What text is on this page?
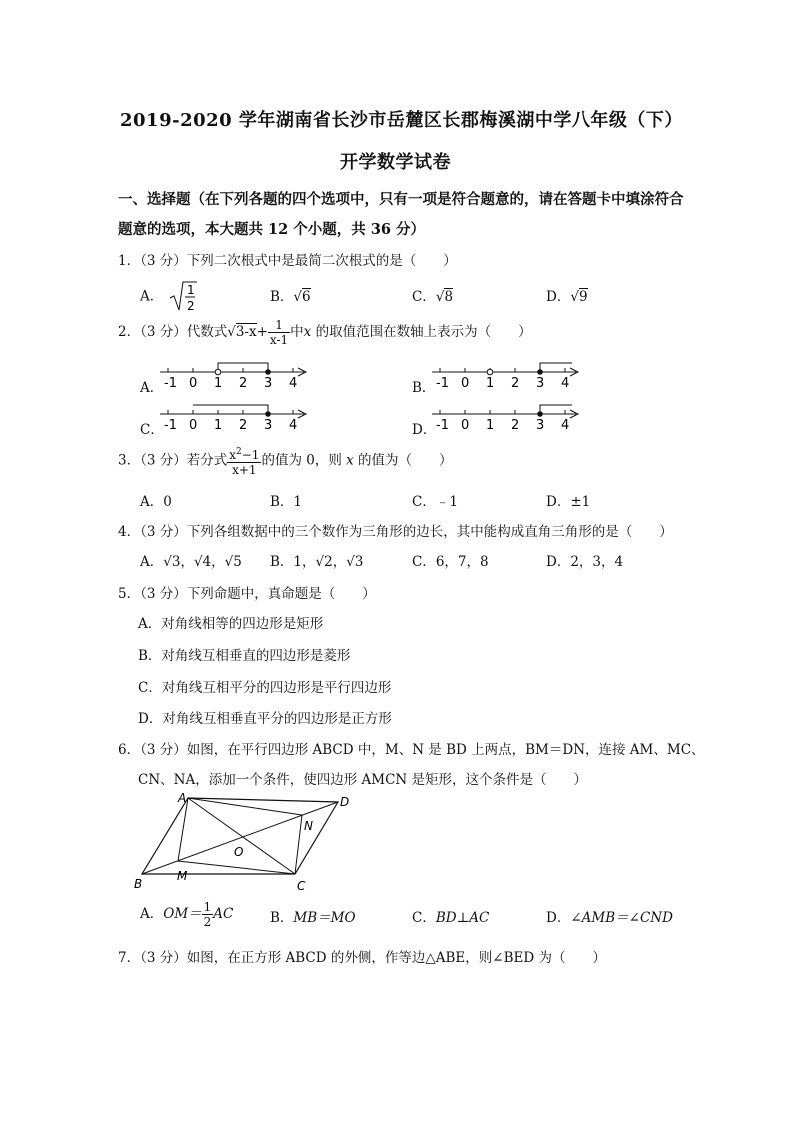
2019-2020 学年湖南省长沙市岳麓区长郡梅溪湖中学八年级（下）
开学数学试卷
一、选择题（在下列各题的四个选项中，只有一项是符合题意的，请在答题卡中填涂符合
题意的选项，本大题共 12 个小题，共 36 分）
1．（3 分）下列二次根式中是最简二次根式的是（　　）
A． 1
2
B．√6	C．√8	D．√9
2．（3 分）代数式$√3-x+ \frac{1}{x-1}$ 中x 的取值范围在数轴上表示为（　　）
A． -1 0 1 2 3 4	B． -1 0 1 2 3 4
C． -1 0 1 2 3 4	D． -1 0 1 2 3 4
3．（3 分）若分式 $\frac{x^2-1}{x+1}$ 的值为 0，则 x 的值为（　　）
A．0	B．1	C．﹣1	D．±1
4．（3 分）下列各组数据中的三个数作为三角形的边长，其中能构成直角三角形的是（　　）
A．√3，√4，√5 B．1，√2，√3	C．6，7，8	D．2，3，4
5．（3 分）下列命题中，真命题是（　　）
A．对角线相等的四边形是矩形
B．对角线互相垂直的四边形是菱形
C．对角线互相平分的四边形是平行四边形
D．对角线互相垂直平分的四边形是正方形
6．（3 分）如图，在平行四边形 ABCD 中，M、N 是 BD 上两点，BM＝DN，连接 AM、MC、
CN、NA，添加一个条件，使四边形 AMCN 是矩形，这个条件是（　　）
A
B	C
D
M
N
O
A．$OM= \frac{1}{2}$ AC	B．MB＝MO	C．BD⊥AC	D．∠AMB＝∠CND
7．（3 分）如图，在正方形 ABCD 的外侧，作等边△ABE，则∠BED 为（　　）
